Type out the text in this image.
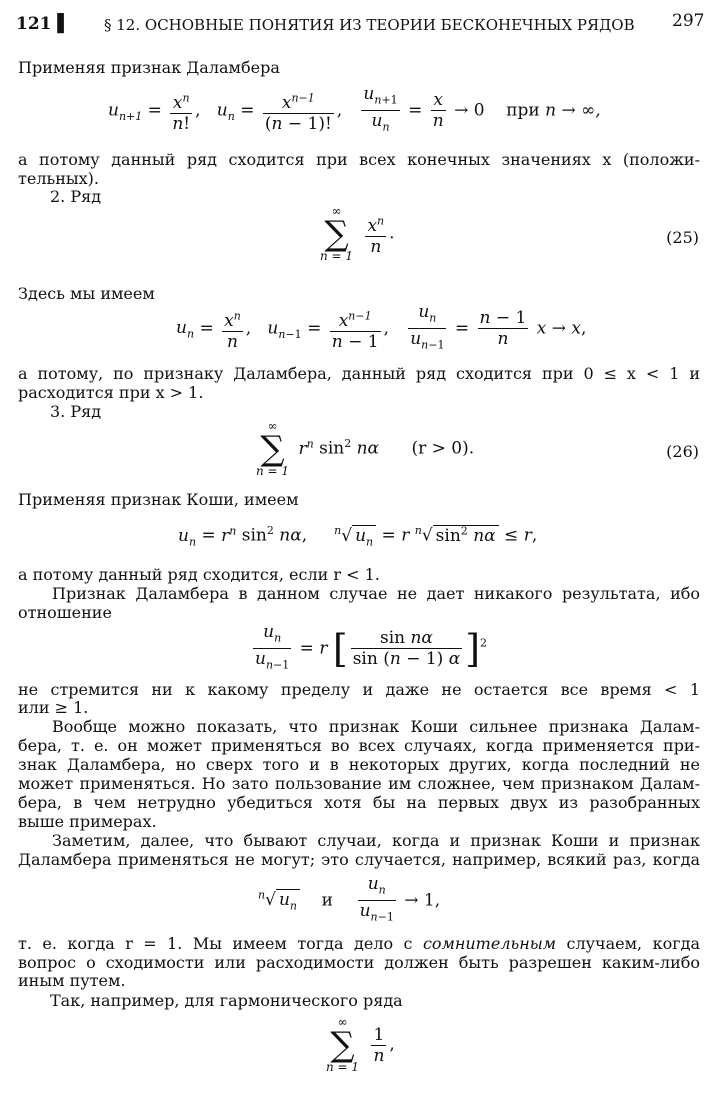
121 ▌ § 12. ОСНОВНЫЕ ПОНЯТИЯ ИЗ ТЕОРИИ БЕСКОНЕЧНЫХ РЯДОВ 297
Применяя признак Даламбера
$u_{n+1} = \frac{x^n}{n!}$ ,   $u_n = \frac{x^{n-1}}{(n - 1)!}$ , $\frac{u_{n+1}}{u_n} = \frac{x}{n} \to 0$    при n → ∞,
а потому данный ряд сходится при всех конечных значениях x (положи-
тельных).
2. Ряд
∞
∑
n = 1
$\frac{x^n}{n}$ .	(25)
Здесь мы имеем
$u_n = \frac{x^n}{n}$ ,   $u_{n-1} = \frac{x^{n-1}}{n - 1}$ , $\frac{u_n}{u_{n-1}} = \frac{n - 1}{n}$ x → x,
а потому, по признаку Даламбера, данный ряд сходится при 0 ≤ x < 1 и
расходится при x > 1.
3. Ряд
∞
∑
n = 1
$r^n$ $\sin^2 n\alpha$ (r > 0).	(26)
Применяя признак Коши, имеем
$u_n = r^n$ $\sin^2 n\alpha$,     $^n$√ $u_n = r$ $^n$√ $\sin^2 n\alpha \le r$,
а потому данный ряд сходится, если r < 1.
Признак Даламбера в данном случае не дает никакого результата, ибо
отношение
$\frac{u_n}{u_{n-1}} = r$ [ $\frac{\text{sin nα}}{\sin (n - 1) \alpha} ]^2$
не стремится ни к какому пределу и даже не остается все время < 1
или ≥ 1.
Вообще можно показать, что признак Коши сильнее признака Далам-
бера, т. е. он может применяться во всех случаях, когда применяется при-
знак Даламбера, но сверх того и в некоторых других, когда последний не
может применяться. Но зато пользование им сложнее, чем признаком Далам-
бера, в чем нетрудно убедиться хотя бы на первых двух из разобранных
выше примерах.
Заметим, далее, что бывают случаи, когда и признак Коши и признак
Даламбера применяться не могут; это случается, например, всякий раз, когда
$^n$√ $u_n$ и $\frac{u_n}{u_{n-1}} \to 1$,
т. е. когда r = 1. Мы имеем тогда дело с сомнительным случаем, когда
вопрос о сходимости или расходимости должен быть разрешен каким-либо
иным путем.
Так, например, для гармонического ряда
∞
∑
n = 1

$\frac{1}{n}$ ,
